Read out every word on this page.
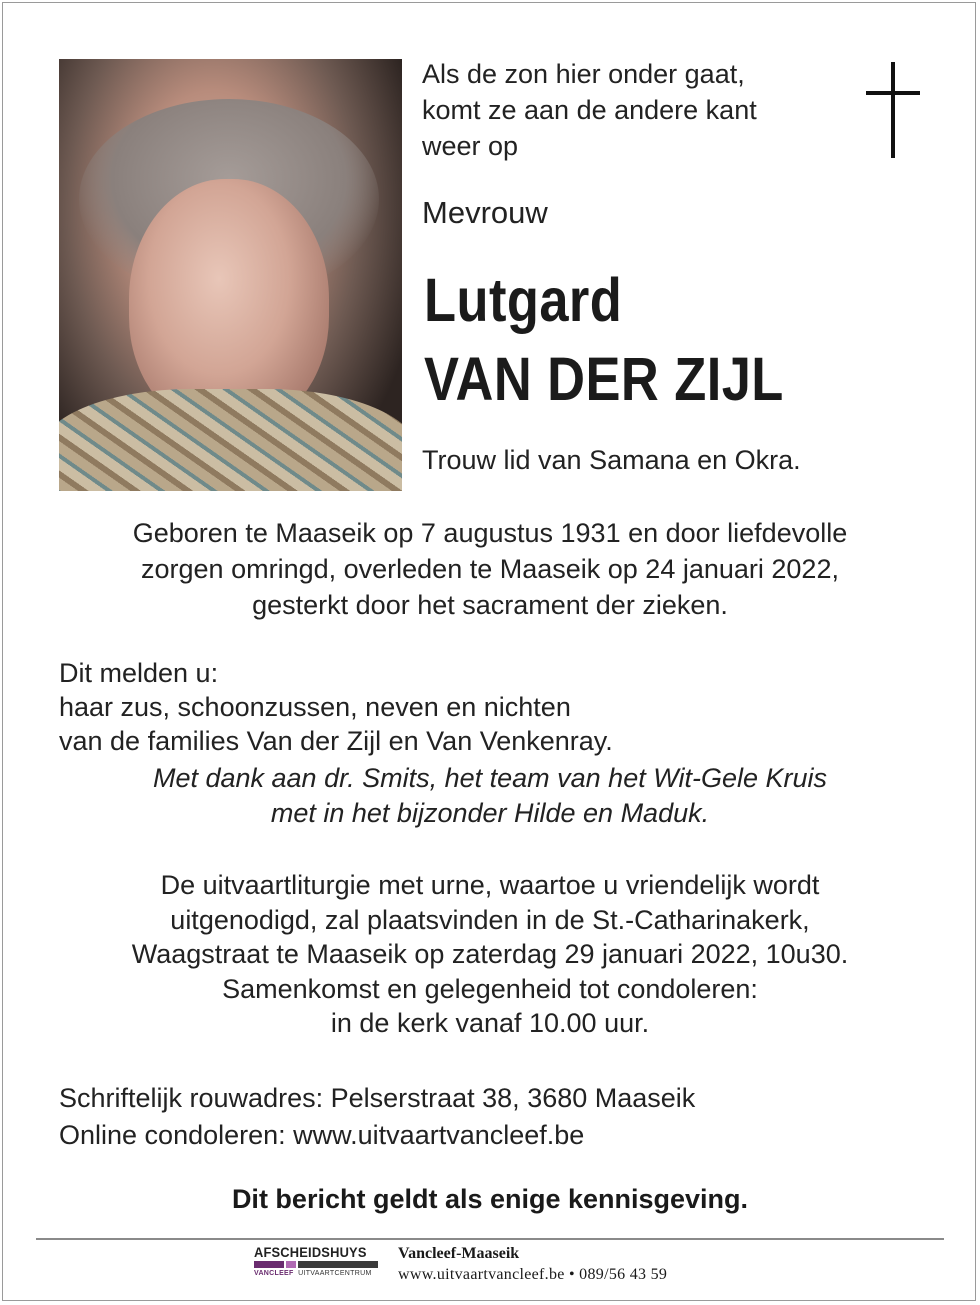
Als de zon hier onder gaat,
komt ze aan de andere kant
weer op
Mevrouw
Lutgard
VAN DER ZIJL
Trouw lid van Samana en Okra.
Geboren te Maaseik op 7 augustus 1931 en door liefdevolle
zorgen omringd, overleden te Maaseik op 24 januari 2022,
gesterkt door het sacrament der zieken.
Dit melden u:
haar zus, schoonzussen, neven en nichten
van de families Van der Zijl en Van Venkenray.
Met dank aan dr. Smits, het team van het Wit-Gele Kruis
met in het bijzonder Hilde en Maduk.
De uitvaartliturgie met urne, waartoe u vriendelijk wordt
uitgenodigd, zal plaatsvinden in de St.-Catharinakerk,
Waagstraat te Maaseik op zaterdag 29 januari 2022, 10u30.
Samenkomst en gelegenheid tot condoleren:
in de kerk vanaf 10.00 uur.
Schriftelijk rouwadres: Pelserstraat 38, 3680 Maaseik
Online condoleren: www.uitvaartvancleef.be
Dit bericht geldt als enige kennisgeving.
AFSCHEIDSHUYS
VANCLEEF UITVAARTCENTRUM
Vancleef-Maaseik
www.uitvaartvancleef.be • 089/56 43 59
